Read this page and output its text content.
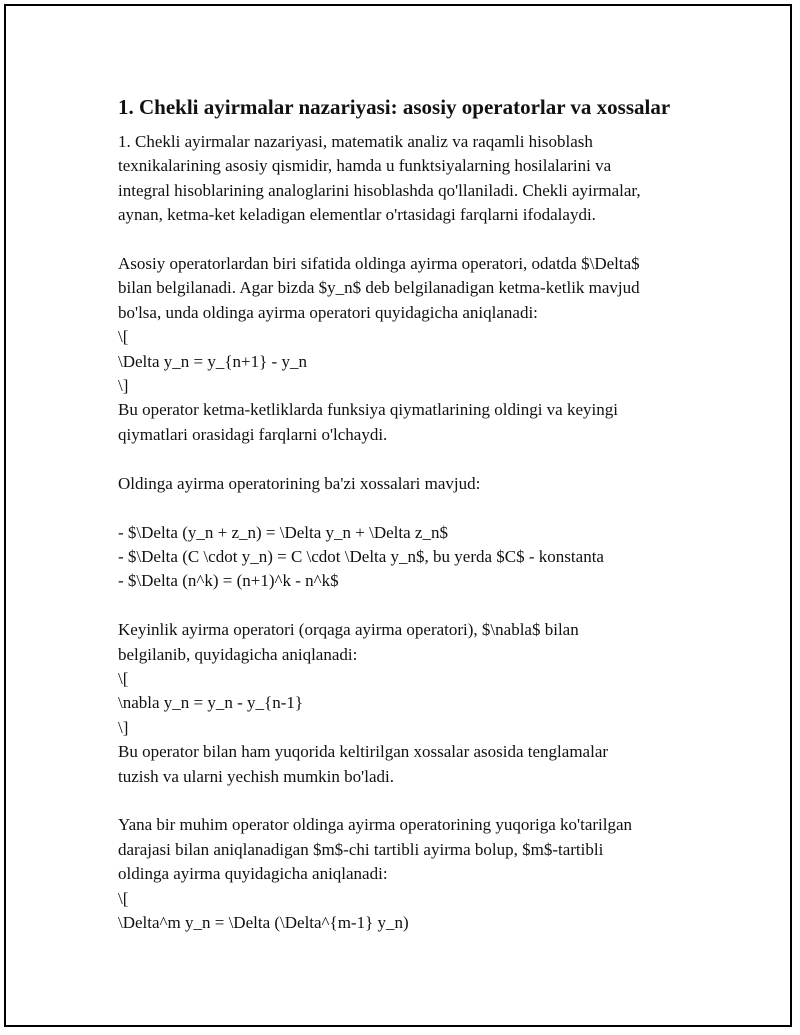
1. Chekli ayirmalar nazariyasi: asosiy operatorlar va xossalar
1. Chekli ayirmalar nazariyasi, matematik analiz va raqamli hisoblash
texnikalarining asosiy qismidir, hamda u funktsiyalarning hosilalarini va
integral hisoblarining analoglarini hisoblashda qo'llaniladi. Chekli ayirmalar,
aynan, ketma-ket keladigan elementlar o'rtasidagi farqlarni ifodalaydi.

Asosiy operatorlardan biri sifatida oldinga ayirma operatori, odatda $\Delta$
bilan belgilanadi. Agar bizda $y_n$ deb belgilanadigan ketma-ketlik mavjud
bo'lsa, unda oldinga ayirma operatori quyidagicha aniqlanadi:
\[
\Delta y_n = y_{n+1} - y_n
\]
Bu operator ketma-ketliklarda funksiya qiymatlarining oldingi va keyingi
qiymatlari orasidagi farqlarni o'lchaydi.

Oldinga ayirma operatorining ba'zi xossalari mavjud:

- $\Delta (y_n + z_n) = \Delta y_n + \Delta z_n$
- $\Delta (C \cdot y_n) = C \cdot \Delta y_n$, bu yerda $C$ - konstanta
- $\Delta (n^k) = (n+1)^k - n^k$

Keyinlik ayirma operatori (orqaga ayirma operatori), $\nabla$ bilan
belgilanib, quyidagicha aniqlanadi:
\[
\nabla y_n = y_n - y_{n-1}
\]
Bu operator bilan ham yuqorida keltirilgan xossalar asosida tenglamalar
tuzish va ularni yechish mumkin bo'ladi.

Yana bir muhim operator oldinga ayirma operatorining yuqoriga ko'tarilgan
darajasi bilan aniqlanadigan $m$-chi tartibli ayirma bolup, $m$-tartibli
oldinga ayirma quyidagicha aniqlanadi:
\[
\Delta^m y_n = \Delta (\Delta^{m-1} y_n)
